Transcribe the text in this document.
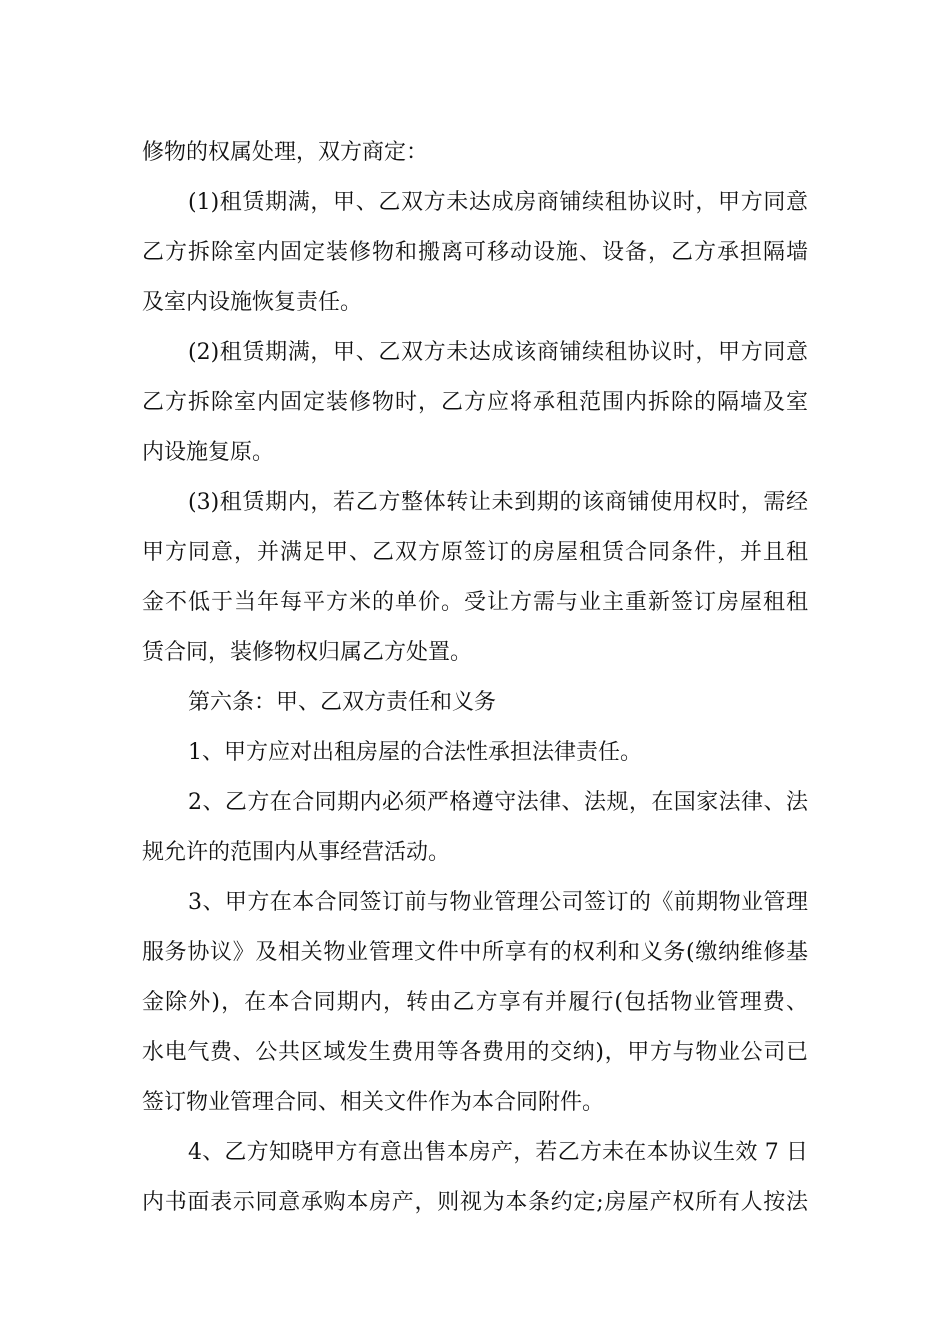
修物的权属处理，双方商定：
(1)租赁期满，甲、乙双方未达成房商铺续租协议时，甲方同意
乙方拆除室内固定装修物和搬离可移动设施、设备，乙方承担隔墙
及室内设施恢复责任。
(2)租赁期满，甲、乙双方未达成该商铺续租协议时，甲方同意
乙方拆除室内固定装修物时，乙方应将承租范围内拆除的隔墙及室
内设施复原。
(3)租赁期内，若乙方整体转让未到期的该商铺使用权时，需经
甲方同意，并满足甲、乙双方原签订的房屋租赁合同条件，并且租
金不低于当年每平方米的单价。受让方需与业主重新签订房屋租租
赁合同，装修物权归属乙方处置。
第六条：甲、乙双方责任和义务
1、甲方应对出租房屋的合法性承担法律责任。
2、乙方在合同期内必须严格遵守法律、法规，在国家法律、法
规允许的范围内从事经营活动。
3、甲方在本合同签订前与物业管理公司签订的《前期物业管理
服务协议》及相关物业管理文件中所享有的权利和义务(缴纳维修基
金除外)，在本合同期内，转由乙方享有并履行(包括物业管理费、
水电气费、公共区域发生费用等各费用的交纳)，甲方与物业公司已
签订物业管理合同、相关文件作为本合同附件。
4、乙方知晓甲方有意出售本房产，若乙方未在本协议生效 7 日
内书面表示同意承购本房产，则视为本条约定;房屋产权所有人按法
